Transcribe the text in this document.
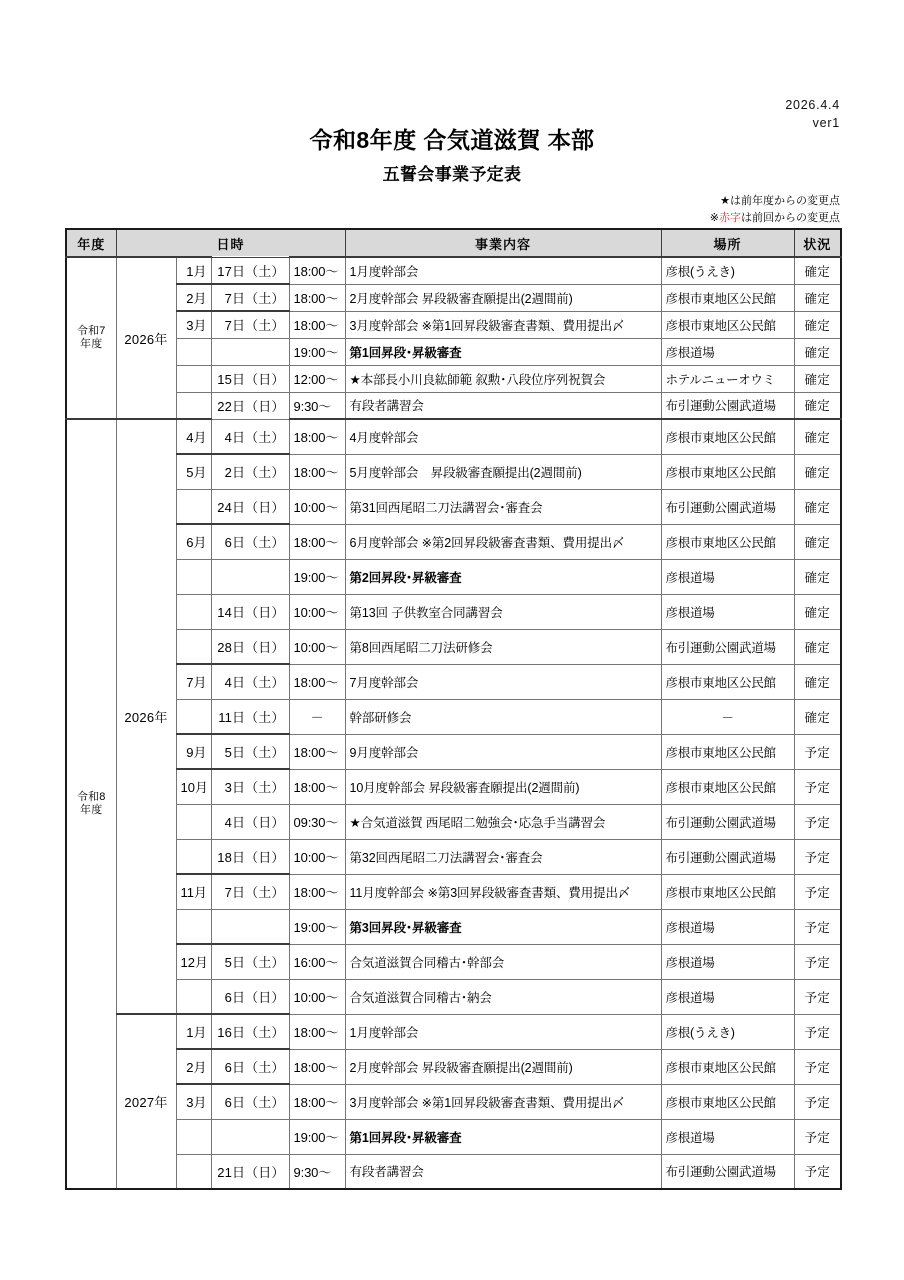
2026.4.4
ver1
令和8年度 合気道滋賀 本部
五誓会事業予定表
★は前年度からの変更点
※赤字は前回からの変更点
年度	日時				事業内容	場所	状況

令和7
年度	2026年	1月	17日（土）	18:00～	1月度幹部会	彦根(うえき)	確定
		2月	7日（土）	18:00～	2月度幹部会 昇段級審査願提出(2週間前)	彦根市東地区公民館	確定
		3月	7日（土）	18:00～	3月度幹部会 ※第1回昇段級審査書類、費用提出〆	彦根市東地区公民館	確定
				19:00～	第1回昇段･昇級審査	彦根道場	確定
			15日（日）	12:00～	★本部長小川良紘師範 叙勲･八段位序列祝賀会	ホテルニューオウミ	確定
			22日（日）	9:30～	有段者講習会	布引運動公園武道場	確定

令和8
年度	2026年	4月	4日（土）	18:00～	4月度幹部会	彦根市東地区公民館	確定
		5月	2日（土）	18:00～	5月度幹部会　昇段級審査願提出(2週間前)	彦根市東地区公民館	確定
			24日（日）	10:00～	第31回西尾昭二刀法講習会･審査会	布引運動公園武道場	確定
		6月	6日（土）	18:00～	6月度幹部会 ※第2回昇段級審査書類、費用提出〆	彦根市東地区公民館	確定
				19:00～	第2回昇段･昇級審査	彦根道場	確定
			14日（日）	10:00～	第13回 子供教室合同講習会	彦根道場	確定
			28日（日）	10:00～	第8回西尾昭二刀法研修会	布引運動公園武道場	確定
		7月	4日（土）	18:00～	7月度幹部会	彦根市東地区公民館	確定
			11日（土）	－	幹部研修会	－	確定
		9月	5日（土）	18:00～	9月度幹部会	彦根市東地区公民館	予定
		10月	3日（土）	18:00～	10月度幹部会 昇段級審査願提出(2週間前)	彦根市東地区公民館	予定
			4日（日）	09:30～	★合気道滋賀 西尾昭二勉強会･応急手当講習会	布引運動公園武道場	予定
			18日（日）	10:00～	第32回西尾昭二刀法講習会･審査会	布引運動公園武道場	予定
		11月	7日（土）	18:00～	11月度幹部会 ※第3回昇段級審査書類、費用提出〆	彦根市東地区公民館	予定
				19:00～	第3回昇段･昇級審査	彦根道場	予定
		12月	5日（土）	16:00～	合気道滋賀合同稽古･幹部会	彦根道場	予定
			6日（日）	10:00～	合気道滋賀合同稽古･納会	彦根道場	予定
	2027年	1月	16日（土）	18:00～	1月度幹部会	彦根(うえき)	予定
		2月	6日（土）	18:00～	2月度幹部会 昇段級審査願提出(2週間前)	彦根市東地区公民館	予定
		3月	6日（土）	18:00～	3月度幹部会 ※第1回昇段級審査書類、費用提出〆	彦根市東地区公民館	予定
				19:00～	第1回昇段･昇級審査	彦根道場	予定
			21日（日）	9:30～	有段者講習会	布引運動公園武道場	予定
